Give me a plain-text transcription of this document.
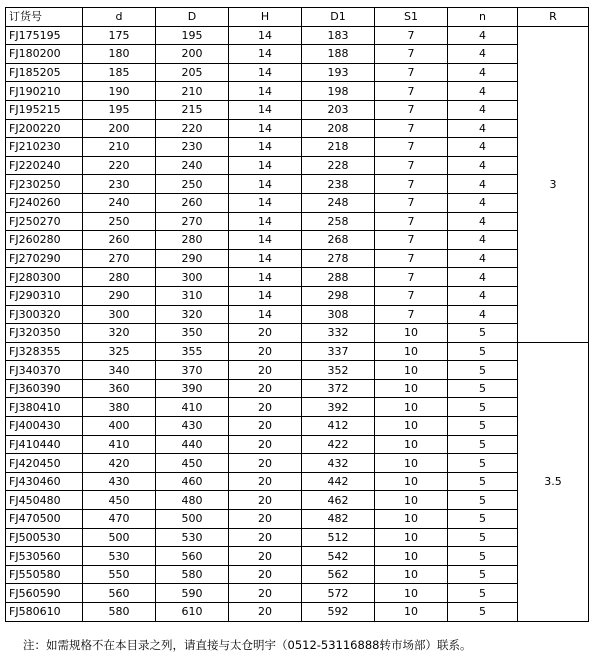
订货号	d	D	H	D1	S1	n	R
FJ175195	175	195	14	183	7	4	3
FJ180200	180	200	14	188	7	4	
FJ185205	185	205	14	193	7	4	
FJ190210	190	210	14	198	7	4	
FJ195215	195	215	14	203	7	4	
FJ200220	200	220	14	208	7	4	
FJ210230	210	230	14	218	7	4	
FJ220240	220	240	14	228	7	4	
FJ230250	230	250	14	238	7	4	
FJ240260	240	260	14	248	7	4	
FJ250270	250	270	14	258	7	4	
FJ260280	260	280	14	268	7	4	
FJ270290	270	290	14	278	7	4	
FJ280300	280	300	14	288	7	4	
FJ290310	290	310	14	298	7	4	
FJ300320	300	320	14	308	7	4	
FJ320350	320	350	20	332	10	5	
FJ328355	325	355	20	337	10	5	3.5
FJ340370	340	370	20	352	10	5	
FJ360390	360	390	20	372	10	5	
FJ380410	380	410	20	392	10	5	
FJ400430	400	430	20	412	10	5	
FJ410440	410	440	20	422	10	5	
FJ420450	420	450	20	432	10	5	
FJ430460	430	460	20	442	10	5	
FJ450480	450	480	20	462	10	5	
FJ470500	470	500	20	482	10	5	
FJ500530	500	530	20	512	10	5	
FJ530560	530	560	20	542	10	5	
FJ550580	550	580	20	562	10	5	
FJ560590	560	590	20	572	10	5	
FJ580610	580	610	20	592	10	5	
注：如需规格不在本目录之列，请直接与太仓明宇（0512-53116888转市场部）联系。
